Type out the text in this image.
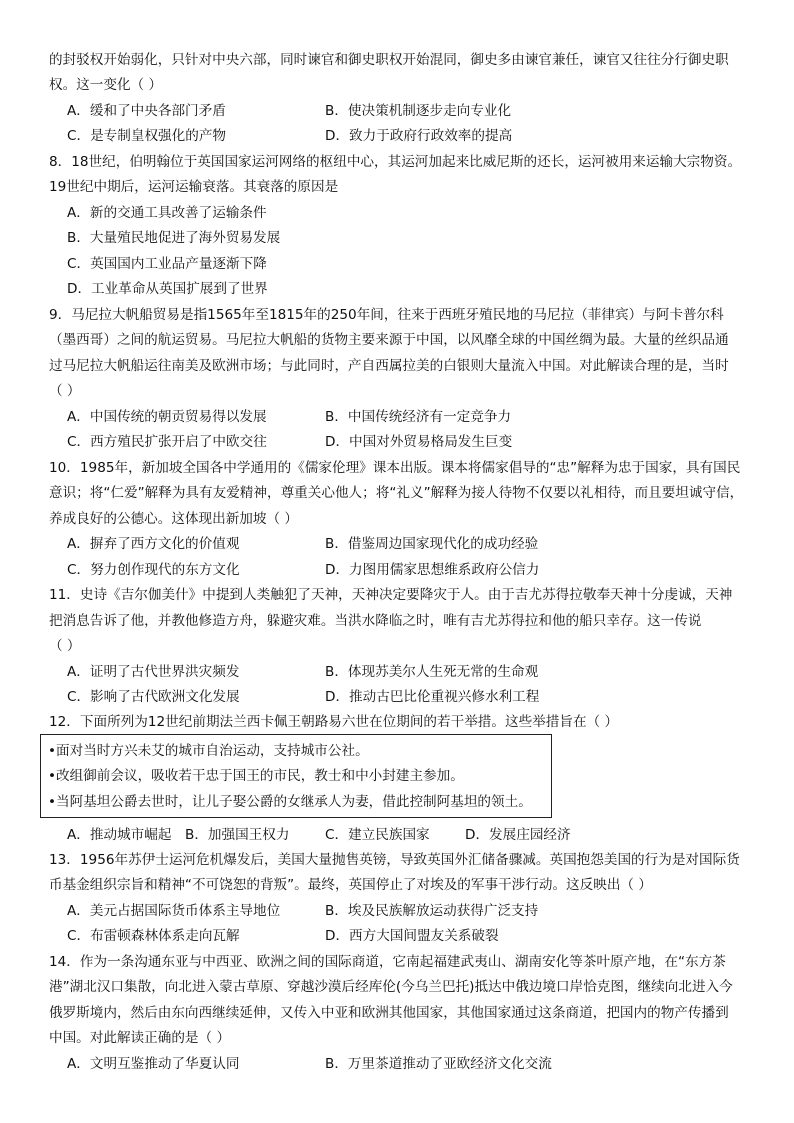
的封驳权开始弱化，只针对中央六部，同时谏官和御史职权开始混同，御史多由谏官兼任，谏官又往往分行御史职
权。这一变化（ ）
A．缓和了中央各部门矛盾	B．使决策机制逐步走向专业化
C．是专制皇权强化的产物	D．致力于政府行政效率的提高
8．18世纪，伯明翰位于英国国家运河网络的枢纽中心，其运河加起来比威尼斯的还长，运河被用来运输大宗物资。
19世纪中期后，运河运输衰落。其衰落的原因是
A．新的交通工具改善了运输条件
B．大量殖民地促进了海外贸易发展
C．英国国内工业品产量逐渐下降
D．工业革命从英国扩展到了世界
9．马尼拉大帆船贸易是指1565年至1815年的250年间，往来于西班牙殖民地的马尼拉（菲律宾）与阿卡普尔科
（墨西哥）之间的航运贸易。马尼拉大帆船的货物主要来源于中国，以风靡全球的中国丝绸为最。大量的丝织品通
过马尼拉大帆船运往南美及欧洲市场；与此同时，产自西属拉美的白银则大量流入中国。对此解读合理的是，当时
（ ）
A．中国传统的朝贡贸易得以发展	B．中国传统经济有一定竞争力
C．西方殖民扩张开启了中欧交往	D．中国对外贸易格局发生巨变
10．1985年，新加坡全国各中学通用的《儒家伦理》课本出版。课本将儒家倡导的“忠”解释为忠于国家，具有国民
意识；将“仁爱”解释为具有友爱精神，尊重关心他人；将“礼义”解释为接人待物不仅要以礼相待，而且要坦诚守信，
养成良好的公德心。这体现出新加坡（ ）
A．摒弃了西方文化的价值观	B．借鉴周边国家现代化的成功经验
C．努力创作现代的东方文化	D．力图用儒家思想维系政府公信力
11．史诗《吉尔伽美什》中提到人类触犯了天神，天神决定要降灾于人。由于吉尤苏得拉敬奉天神十分虔诚，天神
把消息告诉了他，并教他修造方舟，躲避灾难。当洪水降临之时，唯有吉尤苏得拉和他的船只幸存。这一传说
（ ）
A．证明了古代世界洪灾频发	B．体现苏美尔人生死无常的生命观
C．影响了古代欧洲文化发展	D．推动古巴比伦重视兴修水利工程
12．下面所列为12世纪前期法兰西卡佩王朝路易六世在位期间的若干举措。这些举措旨在（ ）
•面对当时方兴未艾的城市自治运动，支持城市公社。
•改组御前会议，吸收若干忠于国王的市民，教士和中小封建主参加。
•当阿基坦公爵去世时，让儿子娶公爵的女继承人为妻，借此控制阿基坦的领土。
A．推动城市崛起 B．加强国王权力	C．建立民族国家	D．发展庄园经济
13．1956年苏伊士运河危机爆发后，美国大量抛售英镑，导致英国外汇储备骤减。英国抱怨美国的行为是对国际货
币基金组织宗旨和精神“不可饶恕的背叛”。最终，英国停止了对埃及的军事干涉行动。这反映出（ ）
A．美元占据国际货币体系主导地位	B．埃及民族解放运动获得广泛支持
C．布雷顿森林体系走向瓦解	D．西方大国间盟友关系破裂
14．作为一条沟通东亚与中西亚、欧洲之间的国际商道，它南起福建武夷山、湖南安化等茶叶原产地，在“东方茶
港”湖北汉口集散，向北进入蒙古草原、穿越沙漠后经库伦(今乌兰巴托)抵达中俄边境口岸恰克图，继续向北进入今
俄罗斯境内，然后由东向西继续延伸，又传入中亚和欧洲其他国家，其他国家通过这条商道，把国内的物产传播到
中国。对此解读正确的是（ ）
A．文明互鉴推动了华夏认同	B．万里茶道推动了亚欧经济文化交流
